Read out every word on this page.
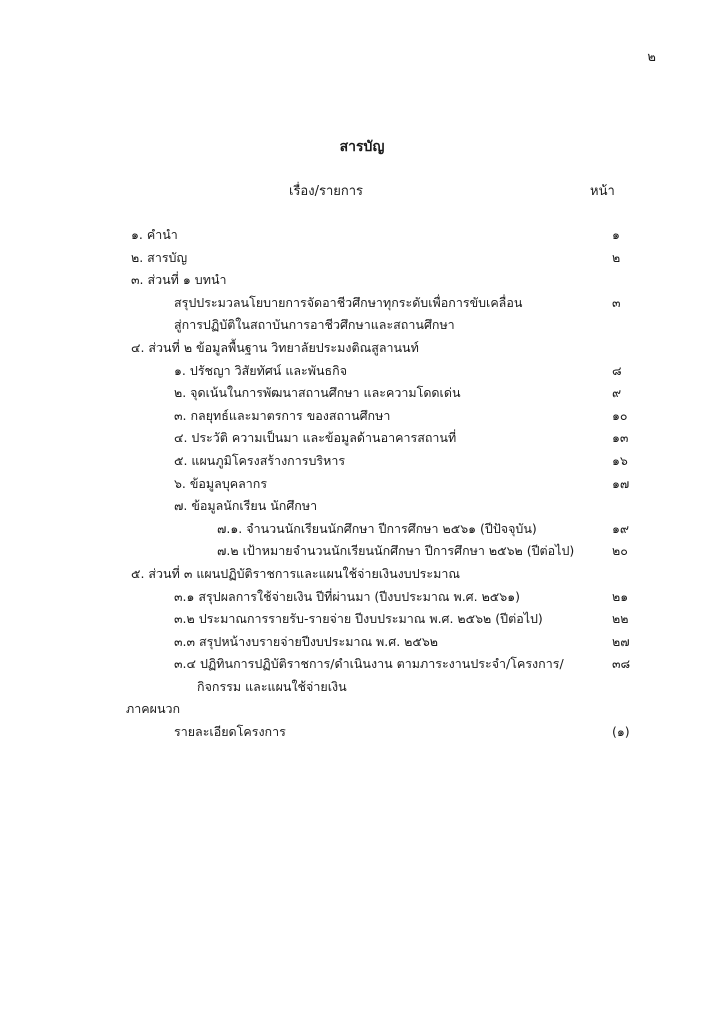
๒
สารบัญ
เรื่อง/รายการ	หน้า
๑. คำนำ	๑
๒. สารบัญ	๒
๓. ส่วนที่ ๑ บทนำ
สรุปประมวลนโยบายการจัดอาชีวศึกษาทุกระดับเพื่อการขับเคลื่อน	๓
สู่การปฏิบัติในสถาบันการอาชีวศึกษาและสถานศึกษา
๔. ส่วนที่ ๒ ข้อมูลพื้นฐาน วิทยาลัยประมงติณสูลานนท์
๑. ปรัชญา วิสัยทัศน์ และพันธกิจ	๘
๒. จุดเน้นในการพัฒนาสถานศึกษา และความโดดเด่น	๙
๓. กลยุทธ์และมาตรการ ของสถานศึกษา	๑๐
๔. ประวัติ ความเป็นมา และข้อมูลด้านอาคารสถานที่	๑๓
๕. แผนภูมิโครงสร้างการบริหาร	๑๖
๖. ข้อมูลบุคลากร	๑๗
๗. ข้อมูลนักเรียน นักศึกษา
๗.๑. จำนวนนักเรียนนักศึกษา ปีการศึกษา ๒๕๖๑ (ปีปัจจุบัน)	๑๙
๗.๒ เป้าหมายจำนวนนักเรียนนักศึกษา ปีการศึกษา ๒๕๖๒ (ปีต่อไป)	๒๐
๕. ส่วนที่ ๓ แผนปฏิบัติราชการและแผนใช้จ่ายเงินงบประมาณ
๓.๑ สรุปผลการใช้จ่ายเงิน ปีที่ผ่านมา (ปีงบประมาณ พ.ศ. ๒๕๖๑)	๒๑
๓.๒ ประมาณการรายรับ-รายจ่าย ปีงบประมาณ พ.ศ. ๒๕๖๒ (ปีต่อไป)	๒๒
๓.๓ สรุปหน้างบรายจ่ายปีงบประมาณ พ.ศ. ๒๕๖๒	๒๗
๓.๔ ปฏิทินการปฏิบัติราชการ/ดำเนินงาน ตามภาระงานประจำ/โครงการ/	๓๘
กิจกรรม และแผนใช้จ่ายเงิน
ภาคผนวก
รายละเอียดโครงการ	(๑)
